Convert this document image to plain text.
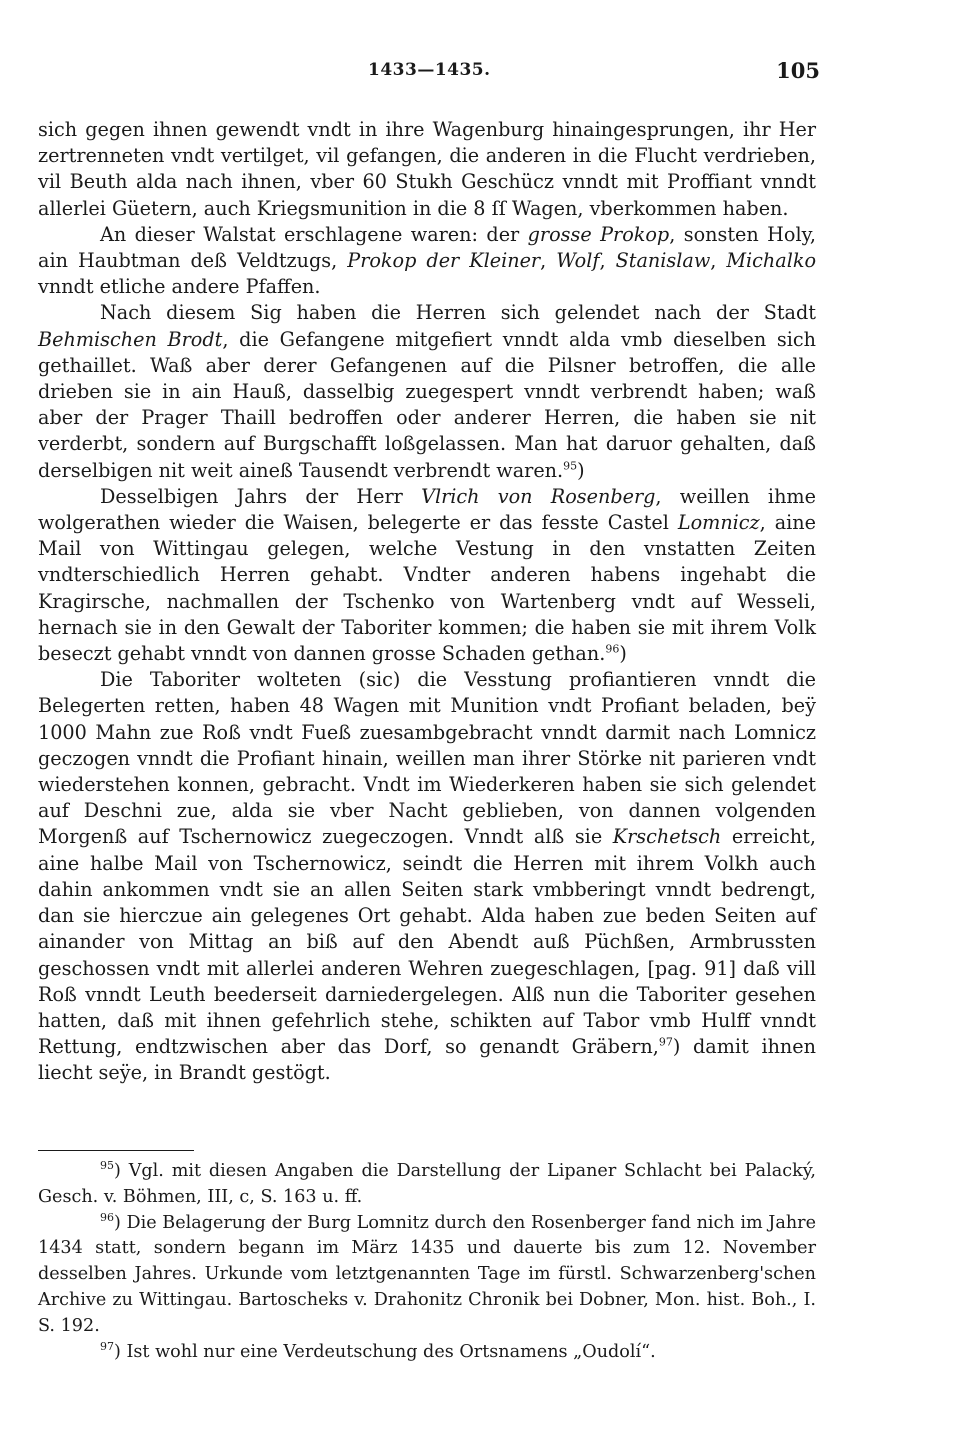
1433—1435.	105

sich gegen ihnen gewendt vndt in ihre Wagenburg hinaingesprungen, ihr Her zertrenneten vndt vertilget, vil gefangen, die anderen in die Flucht verdrieben, vil Beuth alda nach ihnen, vber 60 Stukh Geschücz vnndt mit Proffiant vnndt allerlei Güetern, auch Kriegsmunition in die 8 ſſ Wagen, vberkommen haben.

An dieser Walstat erschlagene waren: der grosse Prokop, sonsten Holy, ain Haubtman deß Veldtzugs, Prokop der Kleiner, Wolf, Stanislaw, Michalko vnndt etliche andere Pfaffen.

Nach diesem Sig haben die Herren sich gelendet nach der Stadt Behmischen Brodt, die Gefangene mitgefiert vnndt alda vmb dieselben sich gethaillet. Waß aber derer Gefangenen auf die Pilsner betroffen, die alle drieben sie in ain Hauß, dasselbig zuegespert vnndt verbrendt haben; waß aber der Prager Thaill bedroffen oder anderer Herren, die haben sie nit verderbt, sondern auf Burgschafft loßgelassen. Man hat daruor gehalten, daß derselbigen nit weit aineß Tausendt verbrendt waren.$^{95}$)

Desselbigen Jahrs der Herr Vlrich von Rosenberg, weillen ihme wolgerathen wieder die Waisen, belegerte er das fesste Castel Lomnicz, aine Mail von Wittingau gelegen, welche Vestung in den vnstatten Zeiten vndterschiedlich Herren gehabt. Vndter anderen habens ingehabt die Kragirsche, nachmallen der Tschenko von Wartenberg vndt auf Wesseli, hernach sie in den Gewalt der Taboriter kommen; die haben sie mit ihrem Volk beseczt gehabt vnndt von dannen grosse Schaden gethan.$^{96}$)

Die Taboriter wolteten (sic) die Vesstung profiantieren vnndt die Belegerten retten, haben 48 Wagen mit Munition vndt Profiant beladen, beÿ 1000 Mahn zue Roß vndt Fueß zuesambgebracht vnndt darmit nach Lomnicz geczogen vnndt die Profiant hinain, weillen man ihrer Störke nit parieren vndt wiederstehen konnen, gebracht. Vndt im Wiederkeren haben sie sich gelendet auf Deschni zue, alda sie vber Nacht geblieben, von dannen volgenden Morgenß auf Tschernowicz zuegeczogen. Vnndt alß sie Krschetsch erreicht, aine halbe Mail von Tschernowicz, seindt die Herren mit ihrem Volkh auch dahin ankommen vndt sie an allen Seiten stark vmbberingt vnndt bedrengt, dan sie hierczue ain gelegenes Ort gehabt. Alda haben zue beden Seiten auf ainander von Mittag an biß auf den Abendt auß Püchßen, Armbrussten geschossen vndt mit allerlei anderen Wehren zuegeschlagen, [pag. 91] daß vill Roß vnndt Leuth beederseit darniedergelegen. Alß nun die Taboriter gesehen hatten, daß mit ihnen gefehrlich stehe, schikten auf Tabor vmb Hulff vnndt Rettung, endtzwischen aber das Dorf, so genandt Gräbern,$^{97}$) damit ihnen liecht seÿe, in Brandt gestögt.

$^{95}$) Vgl. mit diesen Angaben die Darstellung der Lipaner Schlacht bei Palacký, Gesch. v. Böhmen, III, c, S. 163 u. ff.

$^{96}$) Die Belagerung der Burg Lomnitz durch den Rosenberger fand nich im Jahre 1434 statt, sondern begann im März 1435 und dauerte bis zum 12. November desselben Jahres. Urkunde vom letztgenannten Tage im fürstl. Schwarzenberg'schen Archive zu Wittingau. Bartoscheks v. Drahonitz Chronik bei Dobner, Mon. hist. Boh., I. S. 192.

$^{97}$) Ist wohl nur eine Verdeutschung des Ortsnamens „Oudolí“.
